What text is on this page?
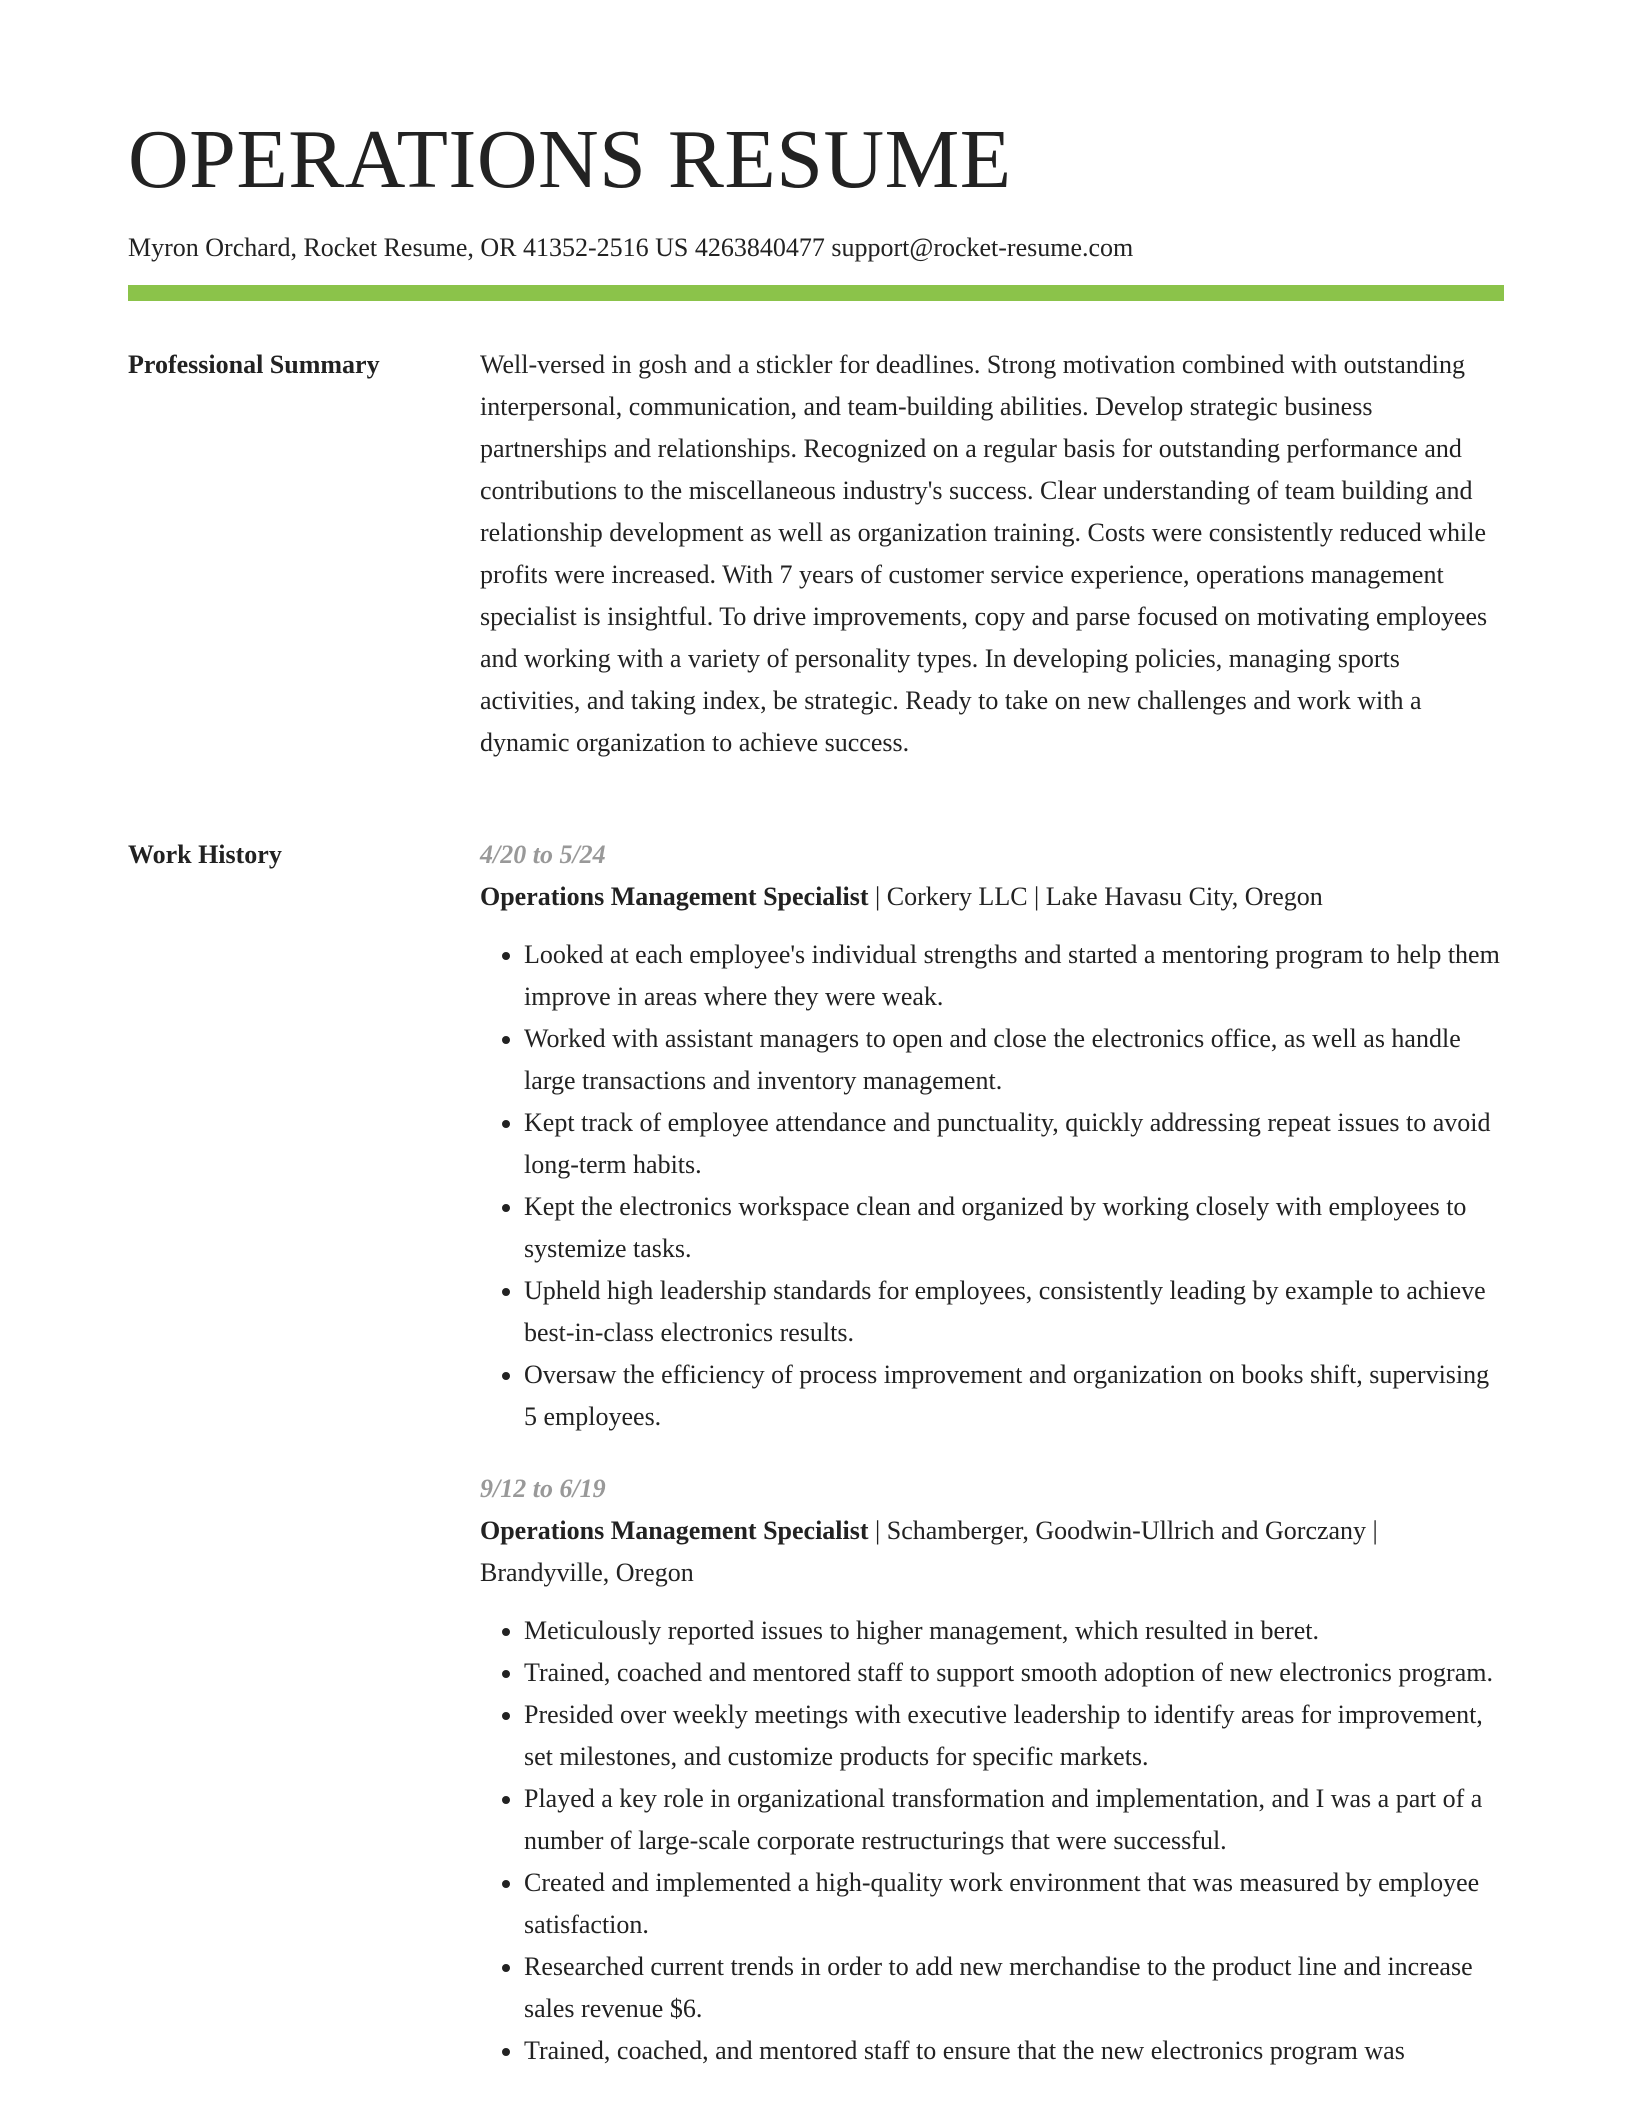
OPERATIONS RESUME
Myron Orchard, Rocket Resume, OR 41352-2516 US 4263840477 support@rocket-resume.com
Professional Summary	Well-versed in gosh and a stickler for deadlines. Strong motivation combined with outstanding interpersonal, communication, and team-building abilities. Develop strategic business partnerships and relationships. Recognized on a regular basis for outstanding performance and contributions to the miscellaneous industry's success. Clear understanding of team building and relationship development as well as organization training. Costs were consistently reduced while profits were increased. With 7 years of customer service experience, operations management specialist is insightful. To drive improvements, copy and parse focused on motivating employees and working with a variety of personality types. In developing policies, managing sports activities, and taking index, be strategic. Ready to take on new challenges and work with a dynamic organization to achieve success.

Work History	4/20 to 5/24
Operations Management Specialist | Corkery LLC | Lake Havasu City, Oregon
• Looked at each employee's individual strengths and started a mentoring program to help them improve in areas where they were weak.
• Worked with assistant managers to open and close the electronics office, as well as handle large transactions and inventory management.
• Kept track of employee attendance and punctuality, quickly addressing repeat issues to avoid long-term habits.
• Kept the electronics workspace clean and organized by working closely with employees to systemize tasks.
• Upheld high leadership standards for employees, consistently leading by example to achieve best-in-class electronics results.
• Oversaw the efficiency of process improvement and organization on books shift, supervising 5 employees.
9/12 to 6/19
Operations Management Specialist | Schamberger, Goodwin-Ullrich and Gorczany | Brandyville, Oregon
• Meticulously reported issues to higher management, which resulted in beret.
• Trained, coached and mentored staff to support smooth adoption of new electronics program.
• Presided over weekly meetings with executive leadership to identify areas for improvement, set milestones, and customize products for specific markets.
• Played a key role in organizational transformation and implementation, and I was a part of a number of large-scale corporate restructurings that were successful.
• Created and implemented a high-quality work environment that was measured by employee satisfaction.
• Researched current trends in order to add new merchandise to the product line and increase sales revenue $6.
• Trained, coached, and mentored staff to ensure that the new electronics program was
